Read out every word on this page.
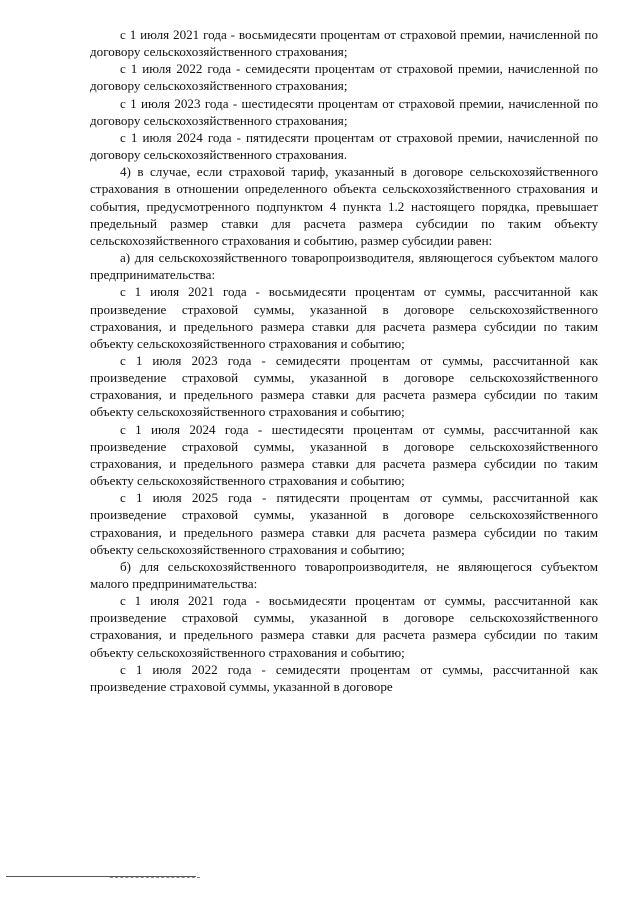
с 1 июля 2021 года - восьмидесяти процентам от страховой премии, начисленной по договору сельскохозяйственного страхования;

с 1 июля 2022 года - семидесяти процентам от страховой премии, начисленной по договору сельскохозяйственного страхования;

с 1 июля 2023 года - шестидесяти процентам от страховой премии, начисленной по договору сельскохозяйственного страхования;

с 1 июля 2024 года - пятидесяти процентам от страховой премии, начисленной по договору сельскохозяйственного страхования.

4) в случае, если страховой тариф, указанный в договоре сельскохозяйственного страхования в отношении определенного объекта сельскохозяйственного страхования и события, предусмотренного подпунктом 4 пункта 1.2 настоящего порядка, превышает предельный размер ставки для расчета размера субсидии по таким объекту сельскохозяйственного страхования и событию, размер субсидии равен:

а) для сельскохозяйственного товаропроизводителя, являющегося субъектом малого предпринимательства:

с 1 июля 2021 года - восьмидесяти процентам от суммы, рассчитанной как произведение страховой суммы, указанной в договоре сельскохозяйственного страхования, и предельного размера ставки для расчета размера субсидии по таким объекту сельскохозяйственного страхования и событию;

с 1 июля 2023 года - семидесяти процентам от суммы, рассчитанной как произведение страховой суммы, указанной в договоре сельскохозяйственного страхования, и предельного размера ставки для расчета размера субсидии по таким объекту сельскохозяйственного страхования и событию;

с 1 июля 2024 года - шестидесяти процентам от суммы, рассчитанной как произведение страховой суммы, указанной в договоре сельскохозяйственного страхования, и предельного размера ставки для расчета размера субсидии по таким объекту сельскохозяйственного страхования и событию;

с 1 июля 2025 года - пятидесяти процентам от суммы, рассчитанной как произведение страховой суммы, указанной в договоре сельскохозяйственного страхования, и предельного размера ставки для расчета размера субсидии по таким объекту сельскохозяйственного страхования и событию;

б) для сельскохозяйственного товаропроизводителя, не являющегося субъектом малого предпринимательства:

с 1 июля 2021 года - восьмидесяти процентам от суммы, рассчитанной как произведение страховой суммы, указанной в договоре сельскохозяйственного страхования, и предельного размера ставки для расчета размера субсидии по таким объекту сельскохозяйственного страхования и событию;

с 1 июля 2022 года - семидесяти процентам от суммы, рассчитанной как произведение страховой суммы, указанной в договоре
